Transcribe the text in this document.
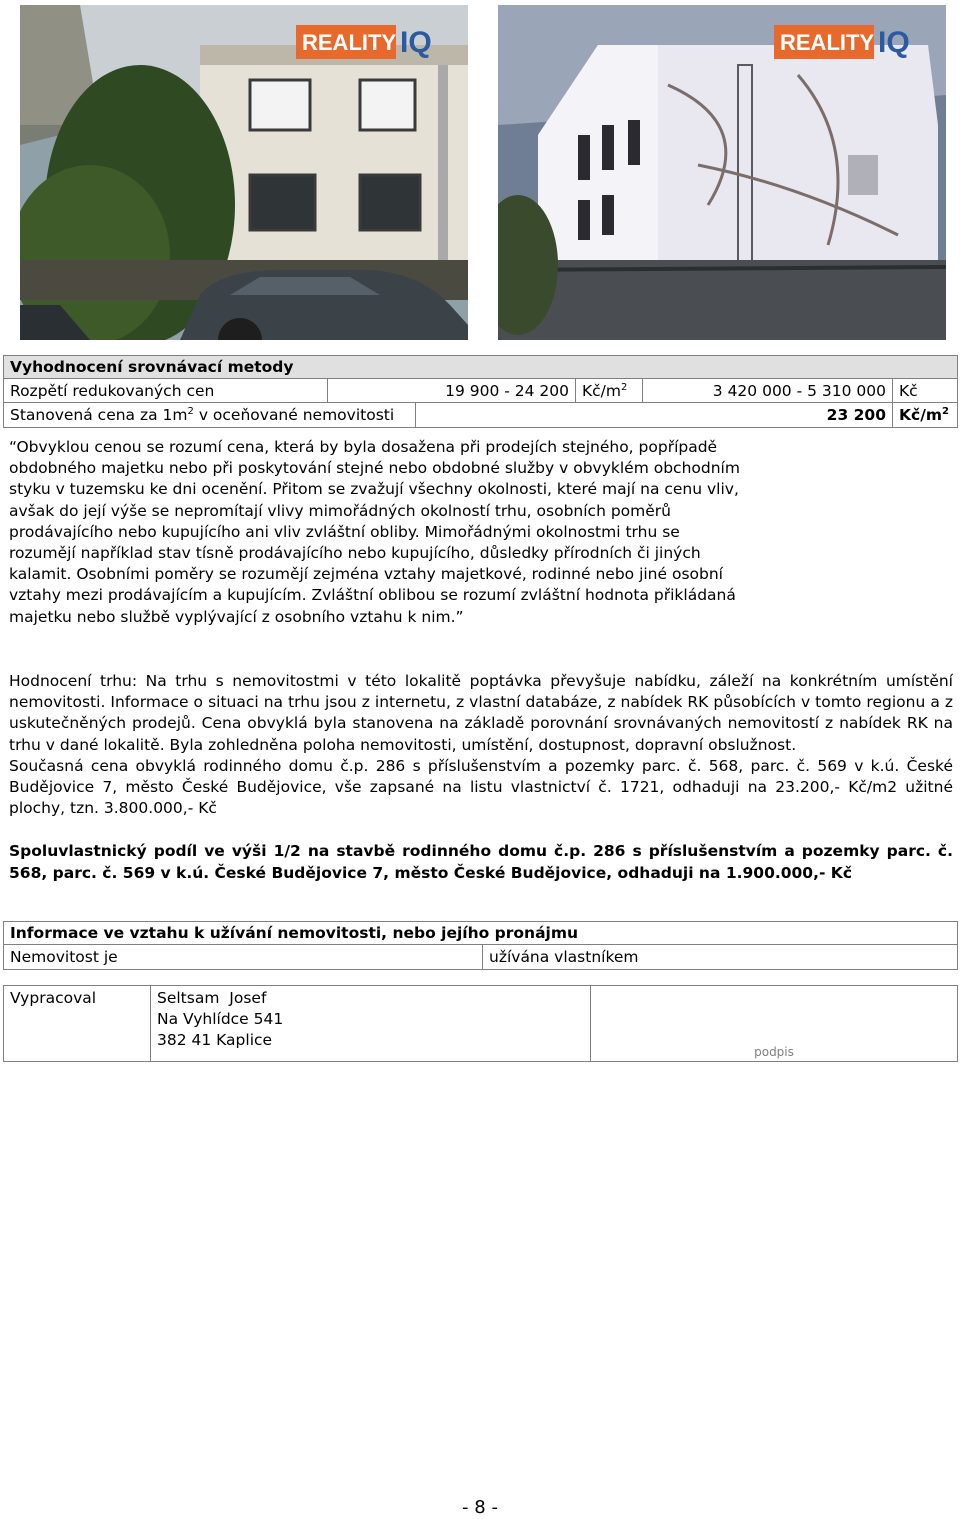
REALITY IQ	REALITY IQ
Vyhodnocení srovnávací metody
Rozpětí redukovaných cen	19 900 - 24 200 $Kč/m^2$	3 420 000 - 5 310 000 Kč
Stanovená cena za $1m^2$ v oceňované nemovitosti	23 200 $Kč/m^2$
“Obvyklou cenou se rozumí cena, která by byla dosažena při prodejích stejného, popřípadě obdobného majetku nebo při poskytování stejné nebo obdobné služby v obvyklém obchodním styku v tuzemsku ke dni ocenění. Přitom se zvažují všechny okolnosti, které mají na cenu vliv, avšak do její výše se nepromítají vlivy mimořádných okolností trhu, osobních poměrů prodávajícího nebo kupujícího ani vliv zvláštní obliby. Mimořádnými okolnostmi trhu se rozumějí například stav tísně prodávajícího nebo kupujícího, důsledky přírodních či jiných kalamit. Osobními poměry se rozumějí zejména vztahy majetkové, rodinné nebo jiné osobní vztahy mezi prodávajícím a kupujícím. Zvláštní oblibou se rozumí zvláštní hodnota přikládaná majetku nebo službě vyplývající z osobního vztahu k nim.”

Hodnocení trhu: Na trhu s nemovitostmi v této lokalitě poptávka převyšuje nabídku, záleží na konkrétním umístění nemovitosti. Informace o situaci na trhu jsou z internetu, z vlastní databáze, z nabídek RK působících v tomto regionu a z uskutečněných prodejů. Cena obvyklá byla stanovena na základě porovnání srovnávaných nemovitostí z nabídek RK na trhu v dané lokalitě. Byla zohledněna poloha nemovitosti, umístění, dostupnost, dopravní obslužnost.

Současná cena obvyklá rodinného domu č.p. 286 s příslušenstvím a pozemky parc. č. 568, parc. č. 569 v k.ú. České Budějovice 7, město České Budějovice, vše zapsané na listu vlastnictví č. 1721, odhaduji na 23.200,- Kč/m2 užitné plochy, tzn. 3.800.000,- Kč

Spoluvlastnický podíl ve výši 1/2 na stavbě rodinného domu č.p. 286 s příslušenstvím a pozemky parc. č. 568, parc. č. 569 v k.ú. České Budějovice 7, město České Budějovice, odhaduji na 1.900.000,- Kč
Informace ve vztahu k užívání nemovitosti, nebo jejího pronájmu
Nemovitost je	užívána vlastníkem
Vypracoval	Seltsam  Josef
Na Vyhlídce 541
382 41 Kaplice
podpis
- 8 -
